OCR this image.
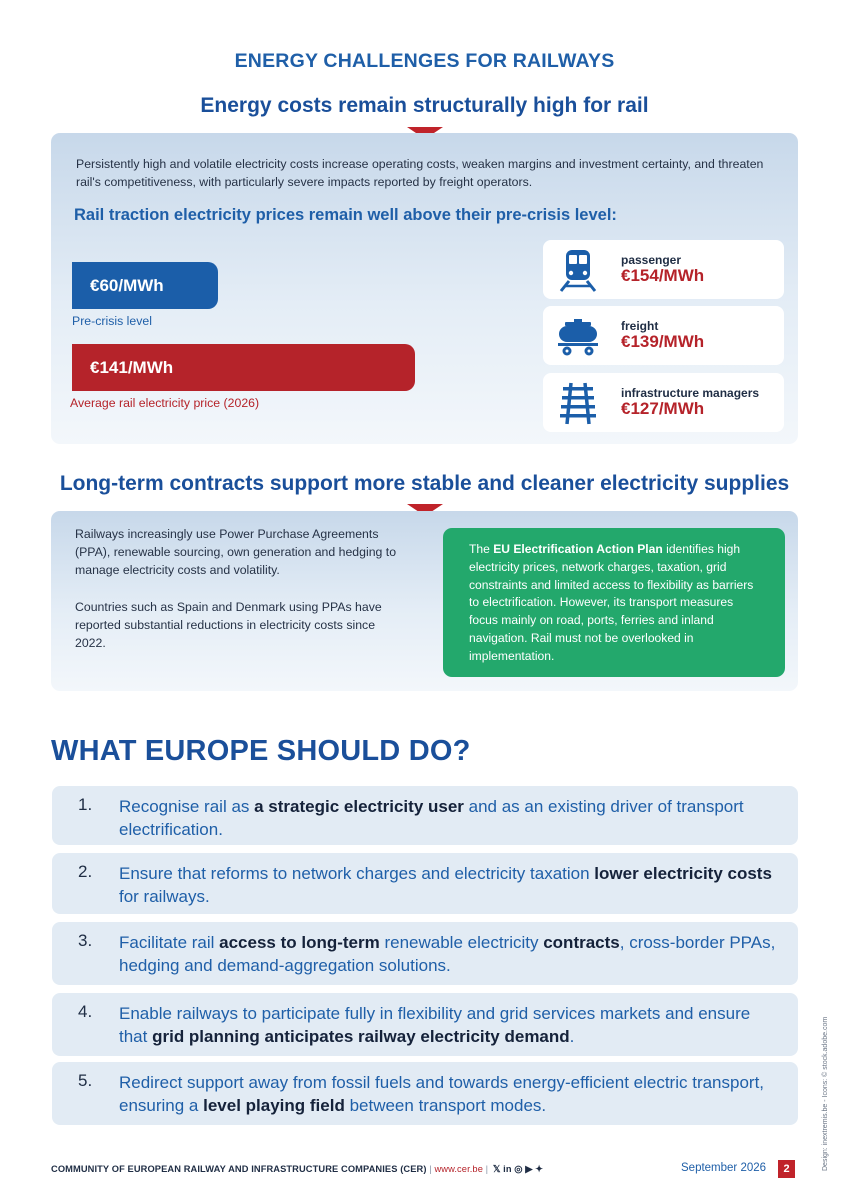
ENERGY CHALLENGES FOR RAILWAYS
Energy costs remain structurally high for rail
Persistently high and volatile electricity costs increase operating costs, weaken margins and investment certainty, and threaten rail's competitiveness, with particularly severe impacts reported by freight operators.
Rail traction electricity prices remain well above their pre-crisis level:
€60/MWh
Pre-crisis level
€141/MWh
Average rail electricity price (2026)
passenger
€154/MWh
freight
€139/MWh
infrastructure managers
€127/MWh
Long-term contracts support more stable and cleaner electricity supplies

Railways increasingly use Power Purchase Agreements (PPA), renewable sourcing, own generation and hedging to manage electricity costs and volatility.

Countries such as Spain and Denmark using PPAs have reported substantial reductions in electricity costs since 2022.

The EU Electrification Action Plan identifies high electricity prices, network charges, taxation, grid constraints and limited access to flexibility as barriers to electrification. However, its transport measures focus mainly on road, ports, ferries and inland navigation. Rail must not be overlooked in implementation.
WHAT EUROPE SHOULD DO?
1. Recognise rail as a strategic electricity user and as an existing driver of transport electrification.
2. Ensure that reforms to network charges and electricity taxation lower electricity costs for railways.
3. Facilitate rail access to long-term renewable electricity contracts, cross-border PPAs, hedging and demand-aggregation solutions.
4. Enable railways to participate fully in flexibility and grid services markets and ensure that grid planning anticipates railway electricity demand.
5. Redirect support away from fossil fuels and towards energy-efficient electric transport, ensuring a level playing field between transport modes.
COMMUNITY OF EUROPEAN RAILWAY AND INFRASTRUCTURE COMPANIES (CER) | www.cer.be | 𝕏 in ◎ ▶ ✦	September 2026	2	Design: inextremis.be - Icons: © stock.adobe.com
